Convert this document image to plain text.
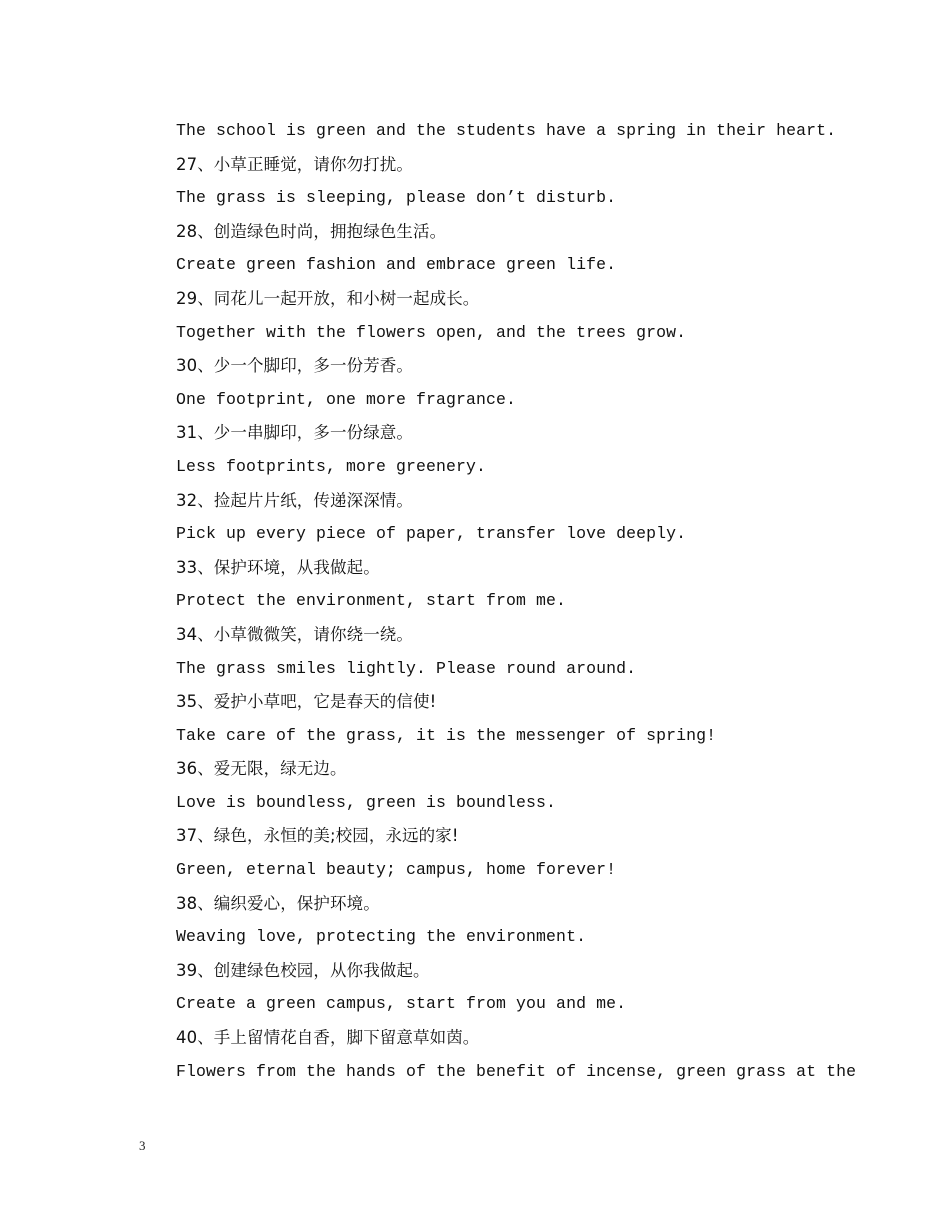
The school is green and the students have a spring in their heart.
27、小草正睡觉，请你勿打扰。
The grass is sleeping, please don’t disturb.
28、创造绿色时尚，拥抱绿色生活。
Create green fashion and embrace green life.
29、同花儿一起开放，和小树一起成长。
Together with the flowers open, and the trees grow.
30、少一个脚印，多一份芳香。
One footprint, one more fragrance.
31、少一串脚印，多一份绿意。
Less footprints, more greenery.
32、捡起片片纸，传递深深情。
Pick up every piece of paper, transfer love deeply.
33、保护环境，从我做起。
Protect the environment, start from me.
34、小草微微笑，请你绕一绕。
The grass smiles lightly. Please round around.
35、爱护小草吧，它是春天的信使!
Take care of the grass, it is the messenger of spring!
36、爱无限，绿无边。
Love is boundless, green is boundless.
37、绿色，永恒的美;校园，永远的家!
Green, eternal beauty; campus, home forever!
38、编织爱心，保护环境。
Weaving love, protecting the environment.
39、创建绿色校园，从你我做起。
Create a green campus, start from you and me.
40、手上留情花自香，脚下留意草如茵。
Flowers from the hands of the benefit of incense, green grass at the
3
